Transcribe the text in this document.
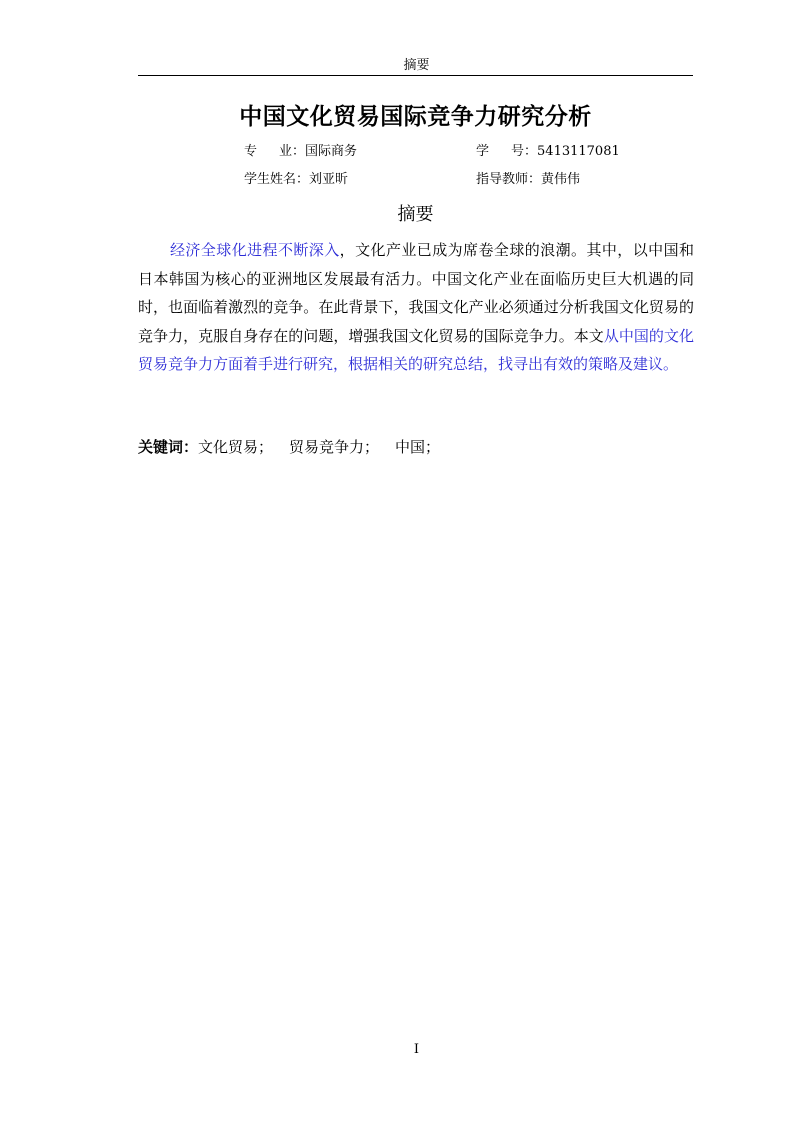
摘要
中国文化贸易国际竞争力研究分析
专业：国际商务	学号：5413117081
学生姓名：刘亚昕	指导教师：黄伟伟
摘要

经济全球化进程不断深入，文化产业已成为席卷全球的浪潮。其中，以中国和日本韩国为核心的亚洲地区发展最有活力。中国文化产业在面临历史巨大机遇的同时，也面临着激烈的竞争。在此背景下，我国文化产业必须通过分析我国文化贸易的竞争力，克服自身存在的问题，增强我国文化贸易的国际竞争力。本文从中国的文化贸易竞争力方面着手进行研究，根据相关的研究总结，找寻出有效的策略及建议。

关键词：文化贸易； 贸易竞争力； 中国；
I
